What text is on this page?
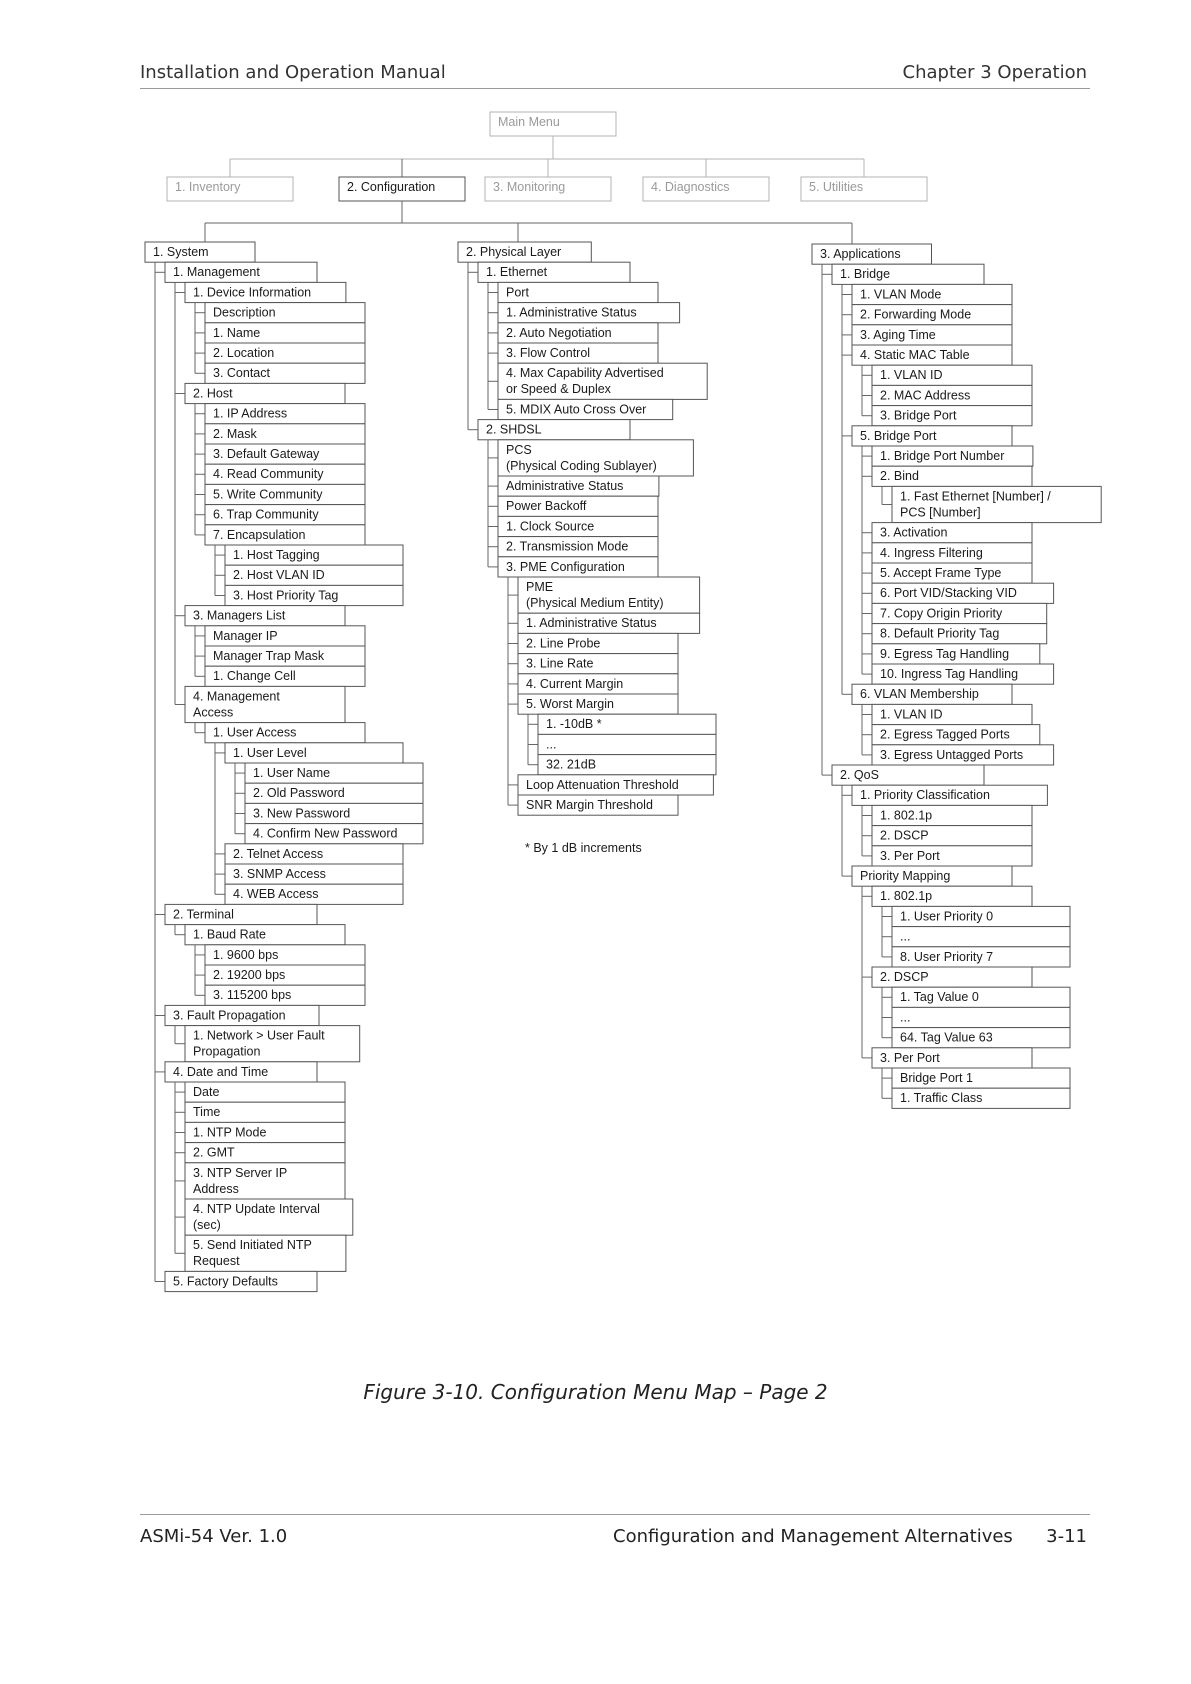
Installation and Operation Manual	Chapter 3 Operation
Main Menu
1. Inventory	2. Configuration	3. Monitoring	4. Diagnostics	5. Utilities
1. System
1. Management
1. Device Information
Description
1. Name
2. Location
3. Contact
2. Host
1. IP Address
2. Mask
3. Default Gateway
4. Read Community
5. Write Community
6. Trap Community
7. Encapsulation
1. Host Tagging
2. Host VLAN ID
3. Host Priority Tag
3. Managers List
Manager IP
Manager Trap Mask
1. Change Cell
4. Management
Access
1. User Access
1. User Level
1. User Name
2. Old Password
3. New Password
4. Confirm New Password
2. Telnet Access
3. SNMP Access
4. WEB Access
2. Terminal
1. Baud Rate
1. 9600 bps
2. 19200 bps
3. 115200 bps
3. Fault Propagation
1. Network > User Fault
Propagation
4. Date and Time
Date
Time
1. NTP Mode
2. GMT
3. NTP Server IP
Address
4. NTP Update Interval
(sec)
5. Send Initiated NTP
Request
5. Factory Defaults
2. Physical Layer
1. Ethernet
Port
1. Administrative Status
2. Auto Negotiation
3. Flow Control
4. Max Capability Advertised
or Speed & Duplex
5. MDIX Auto Cross Over
2. SHDSL
PCS
(Physical Coding Sublayer)
Administrative Status
Power Backoff
1. Clock Source
2. Transmission Mode
3. PME Configuration
PME
(Physical Medium Entity)
1. Administrative Status
2. Line Probe
3. Line Rate
4. Current Margin
5. Worst Margin
1. -10dB *
...
32. 21dB
Loop Attenuation Threshold
SNR Margin Threshold
3. Applications
1. Bridge
1. VLAN Mode
2. Forwarding Mode
3. Aging Time
4. Static MAC Table
1. VLAN ID
2. MAC Address
3. Bridge Port
5. Bridge Port
1. Bridge Port Number
2. Bind
1. Fast Ethernet [Number] /
PCS [Number]
3. Activation
4. Ingress Filtering
5. Accept Frame Type
6. Port VID/Stacking VID
7. Copy Origin Priority
8. Default Priority Tag
9. Egress Tag Handling
10. Ingress Tag Handling
6. VLAN Membership
1. VLAN ID
2. Egress Tagged Ports
3. Egress Untagged Ports
2. QoS
1. Priority Classification
1. 802.1p
2. DSCP
3. Per Port
Priority Mapping
1. 802.1p
1. User Priority 0
...
8. User Priority 7
2. DSCP
1. Tag Value 0
...
64. Tag Value 63
3. Per Port
Bridge Port 1
1. Traffic Class
* By 1 dB increments
Figure 3-10. Configuration Menu Map – Page 2
ASMi-54 Ver. 1.0	Configuration and Management Alternatives 3-11
